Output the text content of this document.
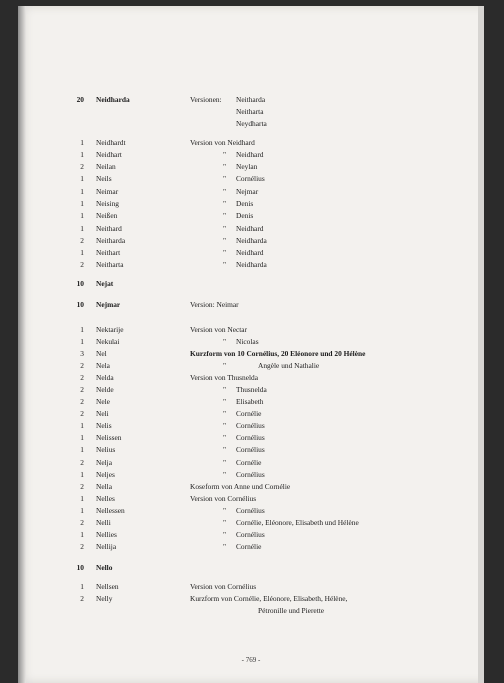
20 Neidharda	Versionen: Neitharda
Neitharta
Neydharta
1 Neidhardt	Version von Neidhard
1 Neidhart	" Neidhard
2 Neilan	" Neylan
1 Neils	" Cornélius
1 Neimar	" Nejmar
1 Neising	" Denis
1 Neißen	" Denis
1 Neithard	" Neidhard
2 Neitharda	" Neidharda
1 Neithart	" Neidhard
2 Neitharta	" Neidharda
10 Nejat
10 Nejmar	Version: Neimar
1 Nektarije	Version von Nectar
1 Nekulai	" Nicolas
3 Nel	Kurzform von 10 Cornélius, 20 Eléonore und 20 Hélène
2 Nela	"	Angèle und Nathalie
2 Nelda	Version von Thusnelda
2 Nelde	" Thusnelda
2 Nele	" Elisabeth
2 Neli	" Cornélie
1 Nelis	" Cornélius
1 Nelissen	" Cornélius
1 Nelius	" Cornélius
2 Nelja	" Cornélie
1 Neljes	" Cornélius
2 Nella	Koseform von Anne und Cornélie
1 Nelles	Version von Cornélius
1 Nellessen	" Cornélius
2 Nelli	" Cornélie, Eléonore, Elisabeth und Hélène
1 Nellies	" Cornélius
2 Nellija	" Cornélie
10 Nello
1 Nellsen	Version von Cornélius
2 Nelly	Kurzform von Cornélie, Eléonore, Elisabeth, Hélène,
Pétronille und Pierette
- 769 -
